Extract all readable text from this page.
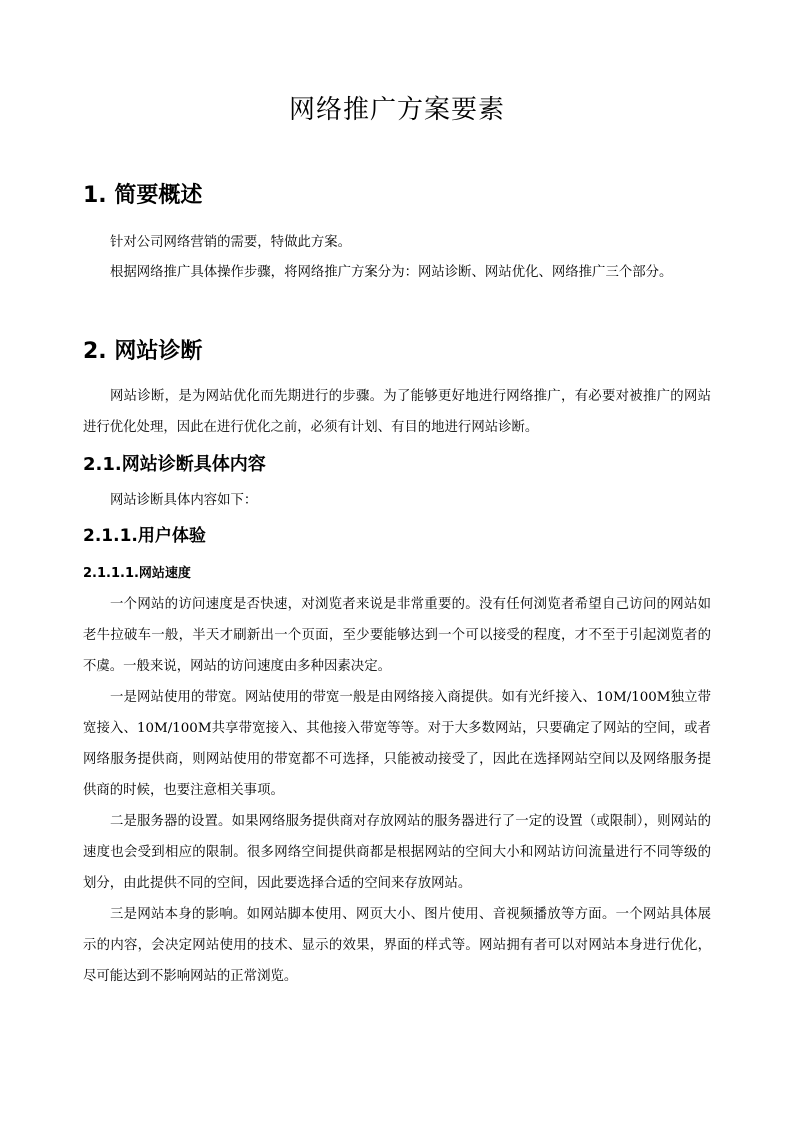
网络推广方案要素
1. 简要概述

针对公司网络营销的需要，特做此方案。

根据网络推广具体操作步骤，将网络推广方案分为：网站诊断、网站优化、网络推广三个部分。

2. 网站诊断

网站诊断，是为网站优化而先期进行的步骤。为了能够更好地进行网络推广，有必要对被推广的网站进行优化处理，因此在进行优化之前，必须有计划、有目的地进行网站诊断。

2.1.网站诊断具体内容

网站诊断具体内容如下：

2.1.1.用户体验
2.1.1.1.网站速度

一个网站的访问速度是否快速，对浏览者来说是非常重要的。没有任何浏览者希望自己访问的网站如老牛拉破车一般，半天才刷新出一个页面，至少要能够达到一个可以接受的程度，才不至于引起浏览者的不虞。一般来说，网站的访问速度由多种因素决定。

一是网站使用的带宽。网站使用的带宽一般是由网络接入商提供。如有光纤接入、10M/100M独立带宽接入、10M/100M共享带宽接入、其他接入带宽等等。对于大多数网站，只要确定了网站的空间，或者网络服务提供商，则网站使用的带宽都不可选择，只能被动接受了，因此在选择网站空间以及网络服务提供商的时候，也要注意相关事项。

二是服务器的设置。如果网络服务提供商对存放网站的服务器进行了一定的设置（或限制），则网站的速度也会受到相应的限制。很多网络空间提供商都是根据网站的空间大小和网站访问流量进行不同等级的划分，由此提供不同的空间，因此要选择合适的空间来存放网站。

三是网站本身的影响。如网站脚本使用、网页大小、图片使用、音视频播放等方面。一个网站具体展示的内容，会决定网站使用的技术、显示的效果，界面的样式等。网站拥有者可以对网站本身进行优化，尽可能达到不影响网站的正常浏览。
